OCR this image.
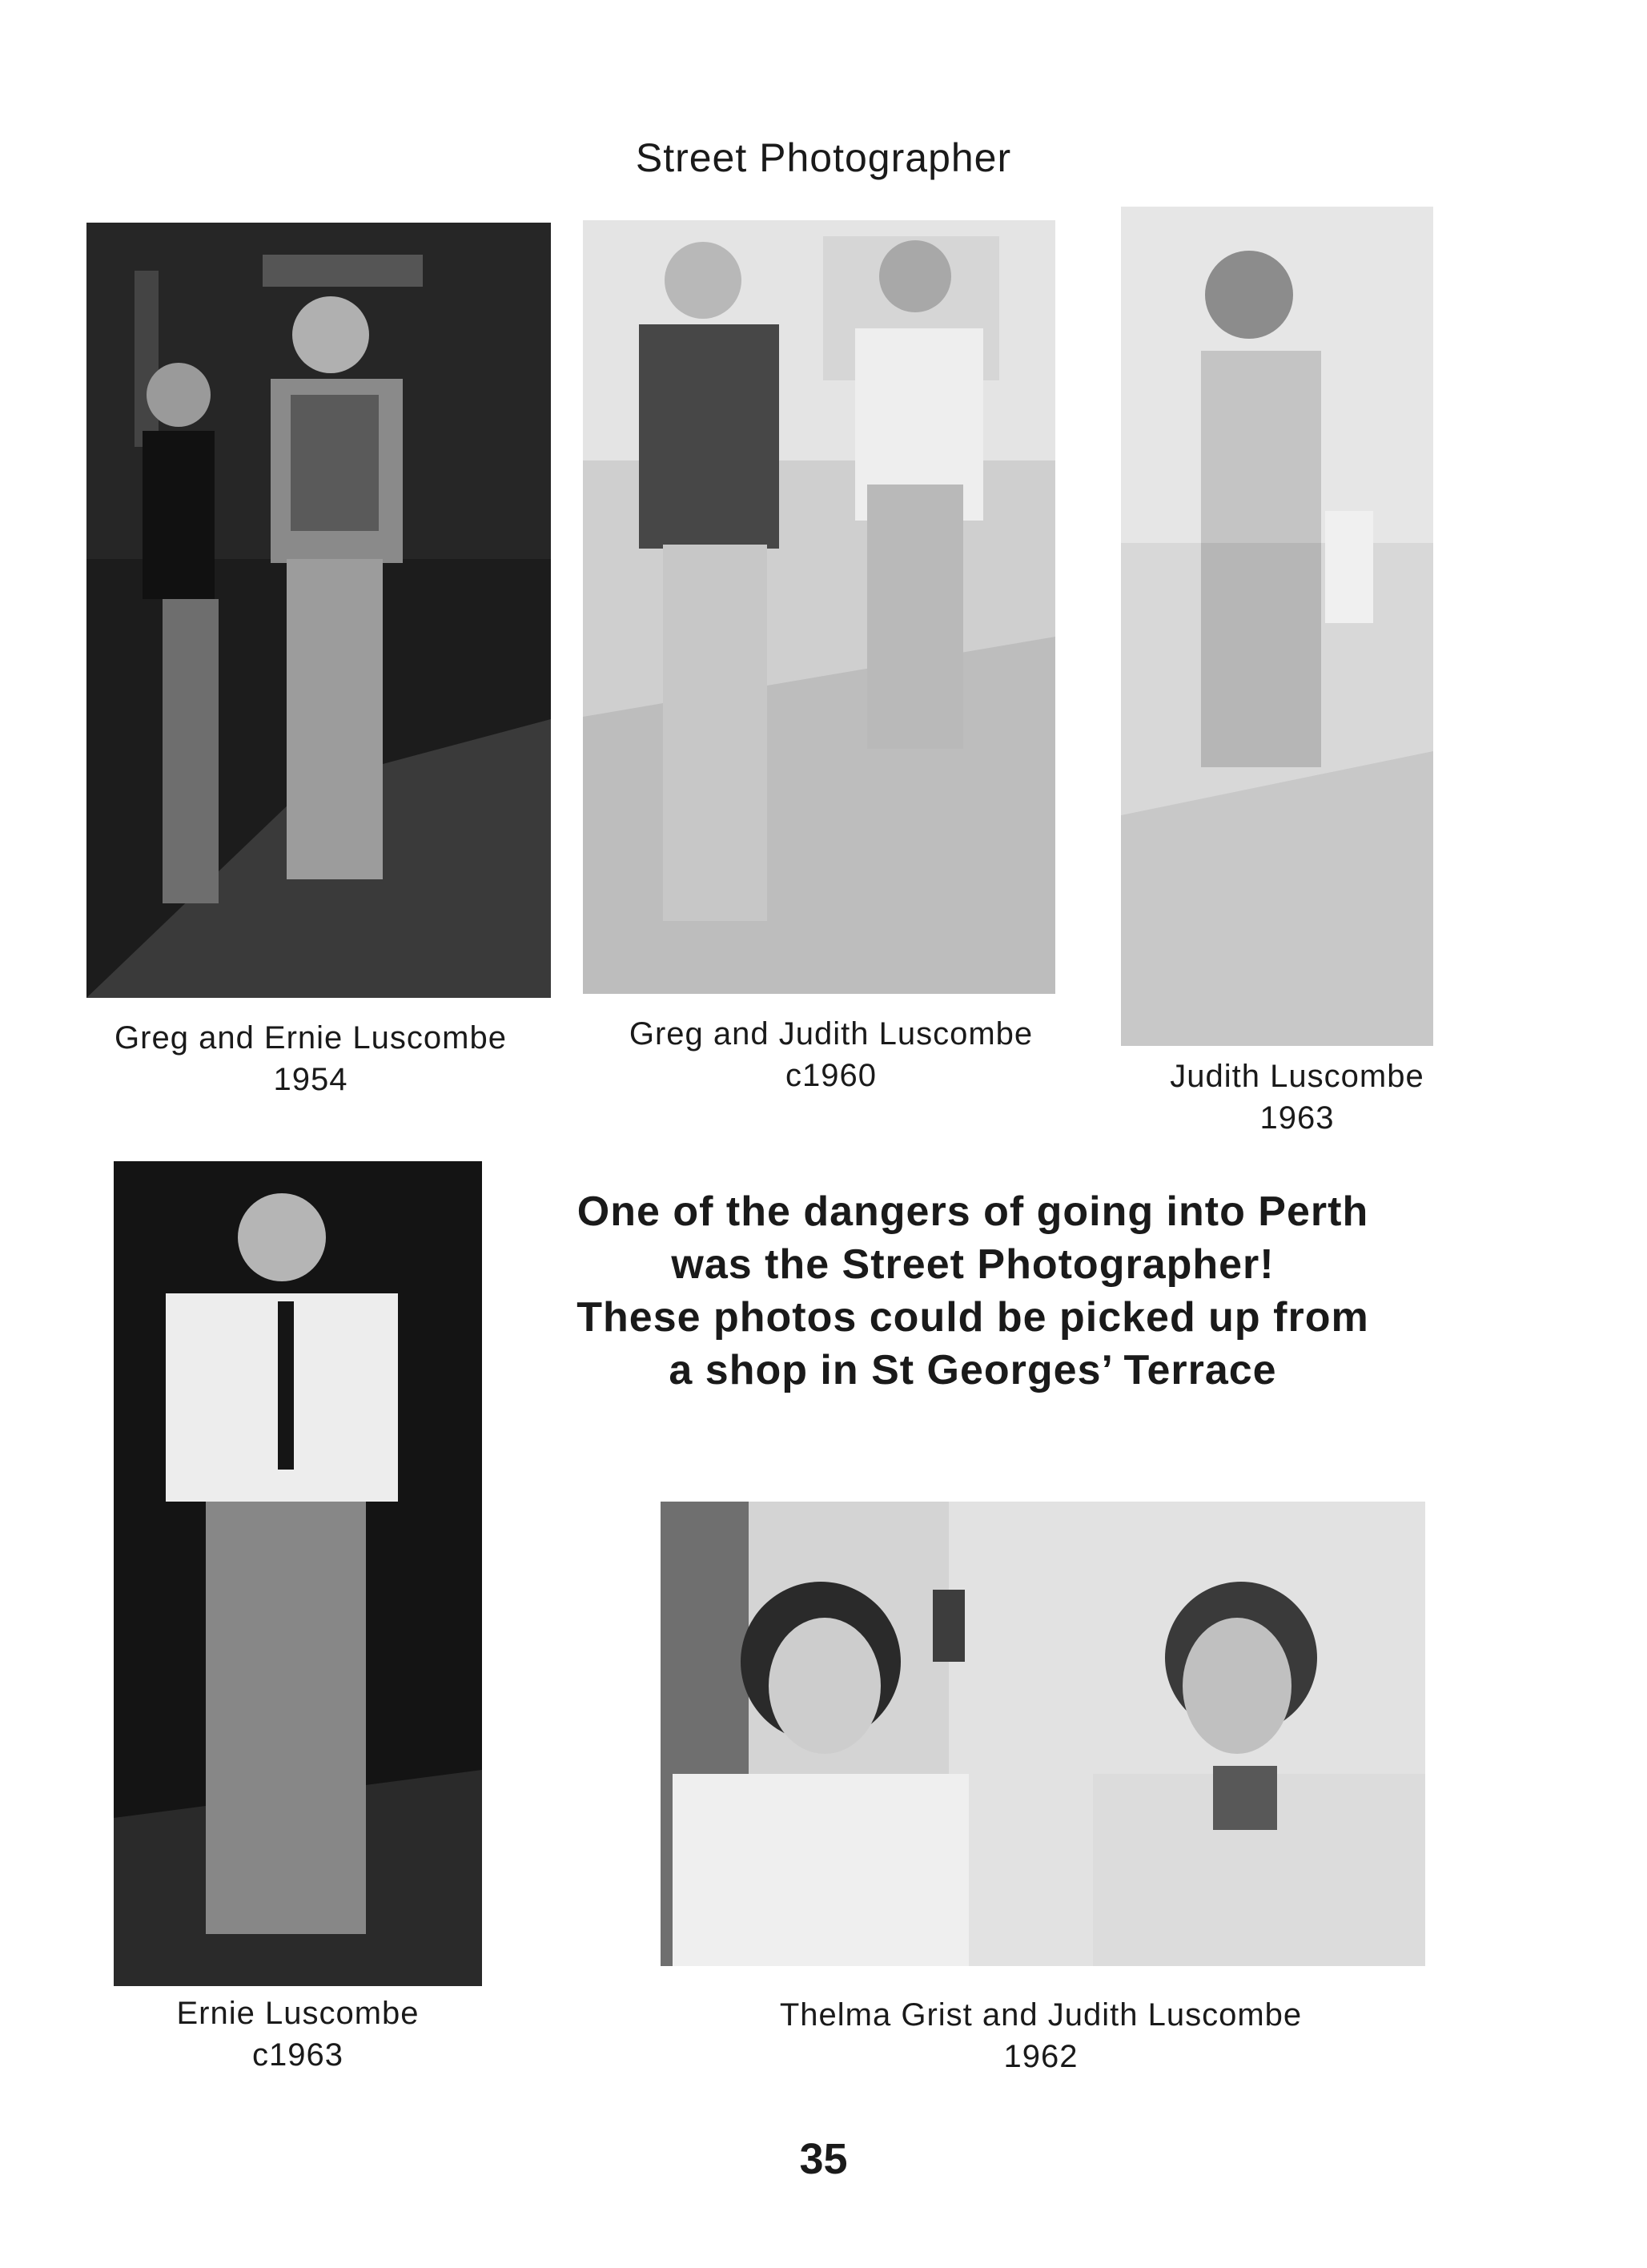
Street Photographer
Greg and Ernie Luscombe
1954
Greg and Judith Luscombe
c1960	Judith Luscombe
1963
Ernie Luscombe
c1963
Thelma Grist and Judith Luscombe
1962
One of the dangers of going into Perth
was the Street Photographer!
These photos could be picked up from
a shop in St Georges’ Terrace
35
